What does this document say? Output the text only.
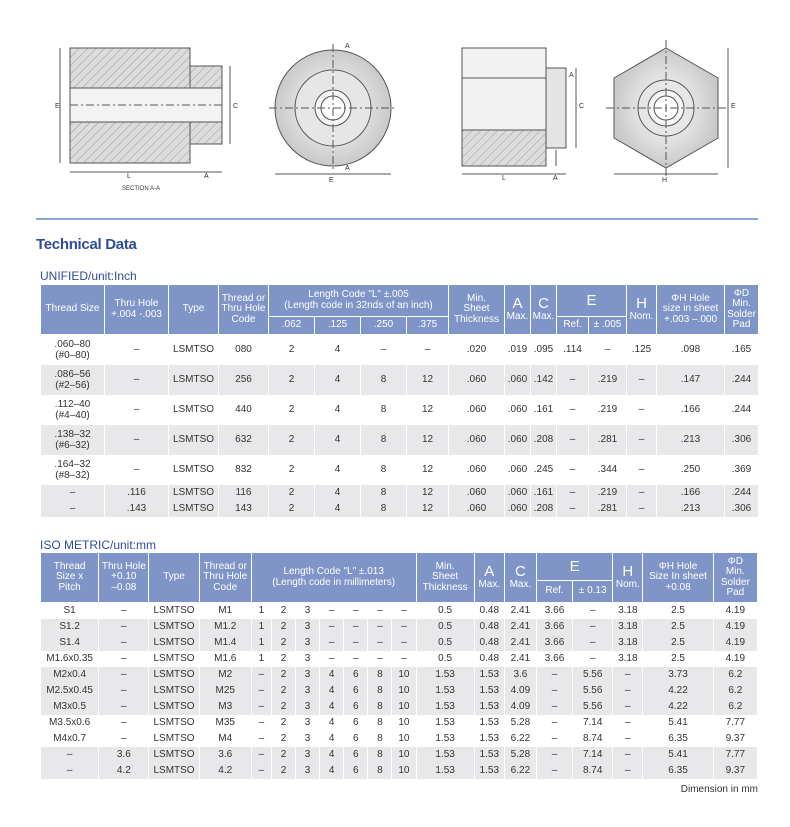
E	C
L	A
SECTION A-A
A
A
E
A
C
L	A
E
H
Technical Data
UNIFIED/unit:Inch
Thread Size	Thru Hole
+.004 -.003	Type	Thread or
Thru Hole
Code	Length Code "L" ±.005
(Length code in 32nds of an inch)				Min.
Sheet
Thickness	A
Max.	C
Max.	E		H
Nom.	ΦH Hole
size in sheet
+.003 –.000	ΦD
Min.
Solder
Pad
				.062	.125	.250	.375				Ref.	± .005			
.060–80
(#0–80)	–	LSMTSO	080	2	4	–	–	.020	.019	.095	.114	–	.125	.098	.165
.086–56
(#2–56)	–	LSMTSO	256	2	4	8	12	.060	.060	.142	–	.219	–	.147	.244
.112–40
(#4–40)	–	LSMTSO	440	2	4	8	12	.060	.060	.161	–	.219	–	.166	.244
.138–32
(#6–32)	–	LSMTSO	632	2	4	8	12	.060	.060	.208	–	.281	–	.213	.306
.164–32
(#8–32)	–	LSMTSO	832	2	4	8	12	.060	.060	.245	–	.344	–	.250	.369
–	.116	LSMTSO	116	2	4	8	12	.060	.060	.161	–	.219	–	.166	.244
–	.143	LSMTSO	143	2	4	8	12	.060	.060	.208	–	.281	–	.213	.306
ISO METRIC/unit:mm
Thread
Size x
Pitch	Thru Hole
+0.10
–0.08	Type	Thread or
Thru Hole
Code	Length Code "L" ±.013
(Length code in millimeters)							Min.
Sheet
Thickness	A
Max.	C
Max.	E		H
Nom.	ΦH Hole
Size In sheet
+0.08	ΦD
Min.
Solder
Pad
														Ref.	± 0.13			
S1	–	LSMTSO	M1	1	2	3	–	–	–	–	0.5	0.48	2.41	3.66	–	3.18	2.5	4.19
S1.2	–	LSMTSO	M1.2	1	2	3	–	–	–	–	0.5	0.48	2.41	3.66	–	3.18	2.5	4.19
S1.4	–	LSMTSO	M1.4	1	2	3	–	–	–	–	0.5	0.48	2.41	3.66	–	3.18	2.5	4.19
M1.6x0.35	–	LSMTSO	M1.6	1	2	3	–	–	–	–	0.5	0.48	2.41	3.66	–	3.18	2.5	4.19
M2x0.4	–	LSMTSO	M2	–	2	3	4	6	8	10	1.53	1.53	3.6	–	5.56	–	3.73	6.2
M2.5x0.45	–	LSMTSO	M25	–	2	3	4	6	8	10	1.53	1.53	4.09	–	5.56	–	4.22	6.2
M3x0.5	–	LSMTSO	M3	–	2	3	4	6	8	10	1.53	1.53	4.09	–	5.56	–	4.22	6.2
M3.5x0.6	–	LSMTSO	M35	–	2	3	4	6	8	10	1.53	1.53	5.28	–	7.14	–	5.41	7.77
M4x0.7	–	LSMTSO	M4	–	2	3	4	6	8	10	1.53	1.53	6.22	–	8.74	–	6.35	9.37
–	3.6	LSMTSO	3.6	–	2	3	4	6	8	10	1.53	1.53	5.28	–	7.14	–	5.41	7.77
–	4.2	LSMTSO	4.2	–	2	3	4	6	8	10	1.53	1.53	6.22	–	8.74	–	6.35	9.37
Dimension in mm
